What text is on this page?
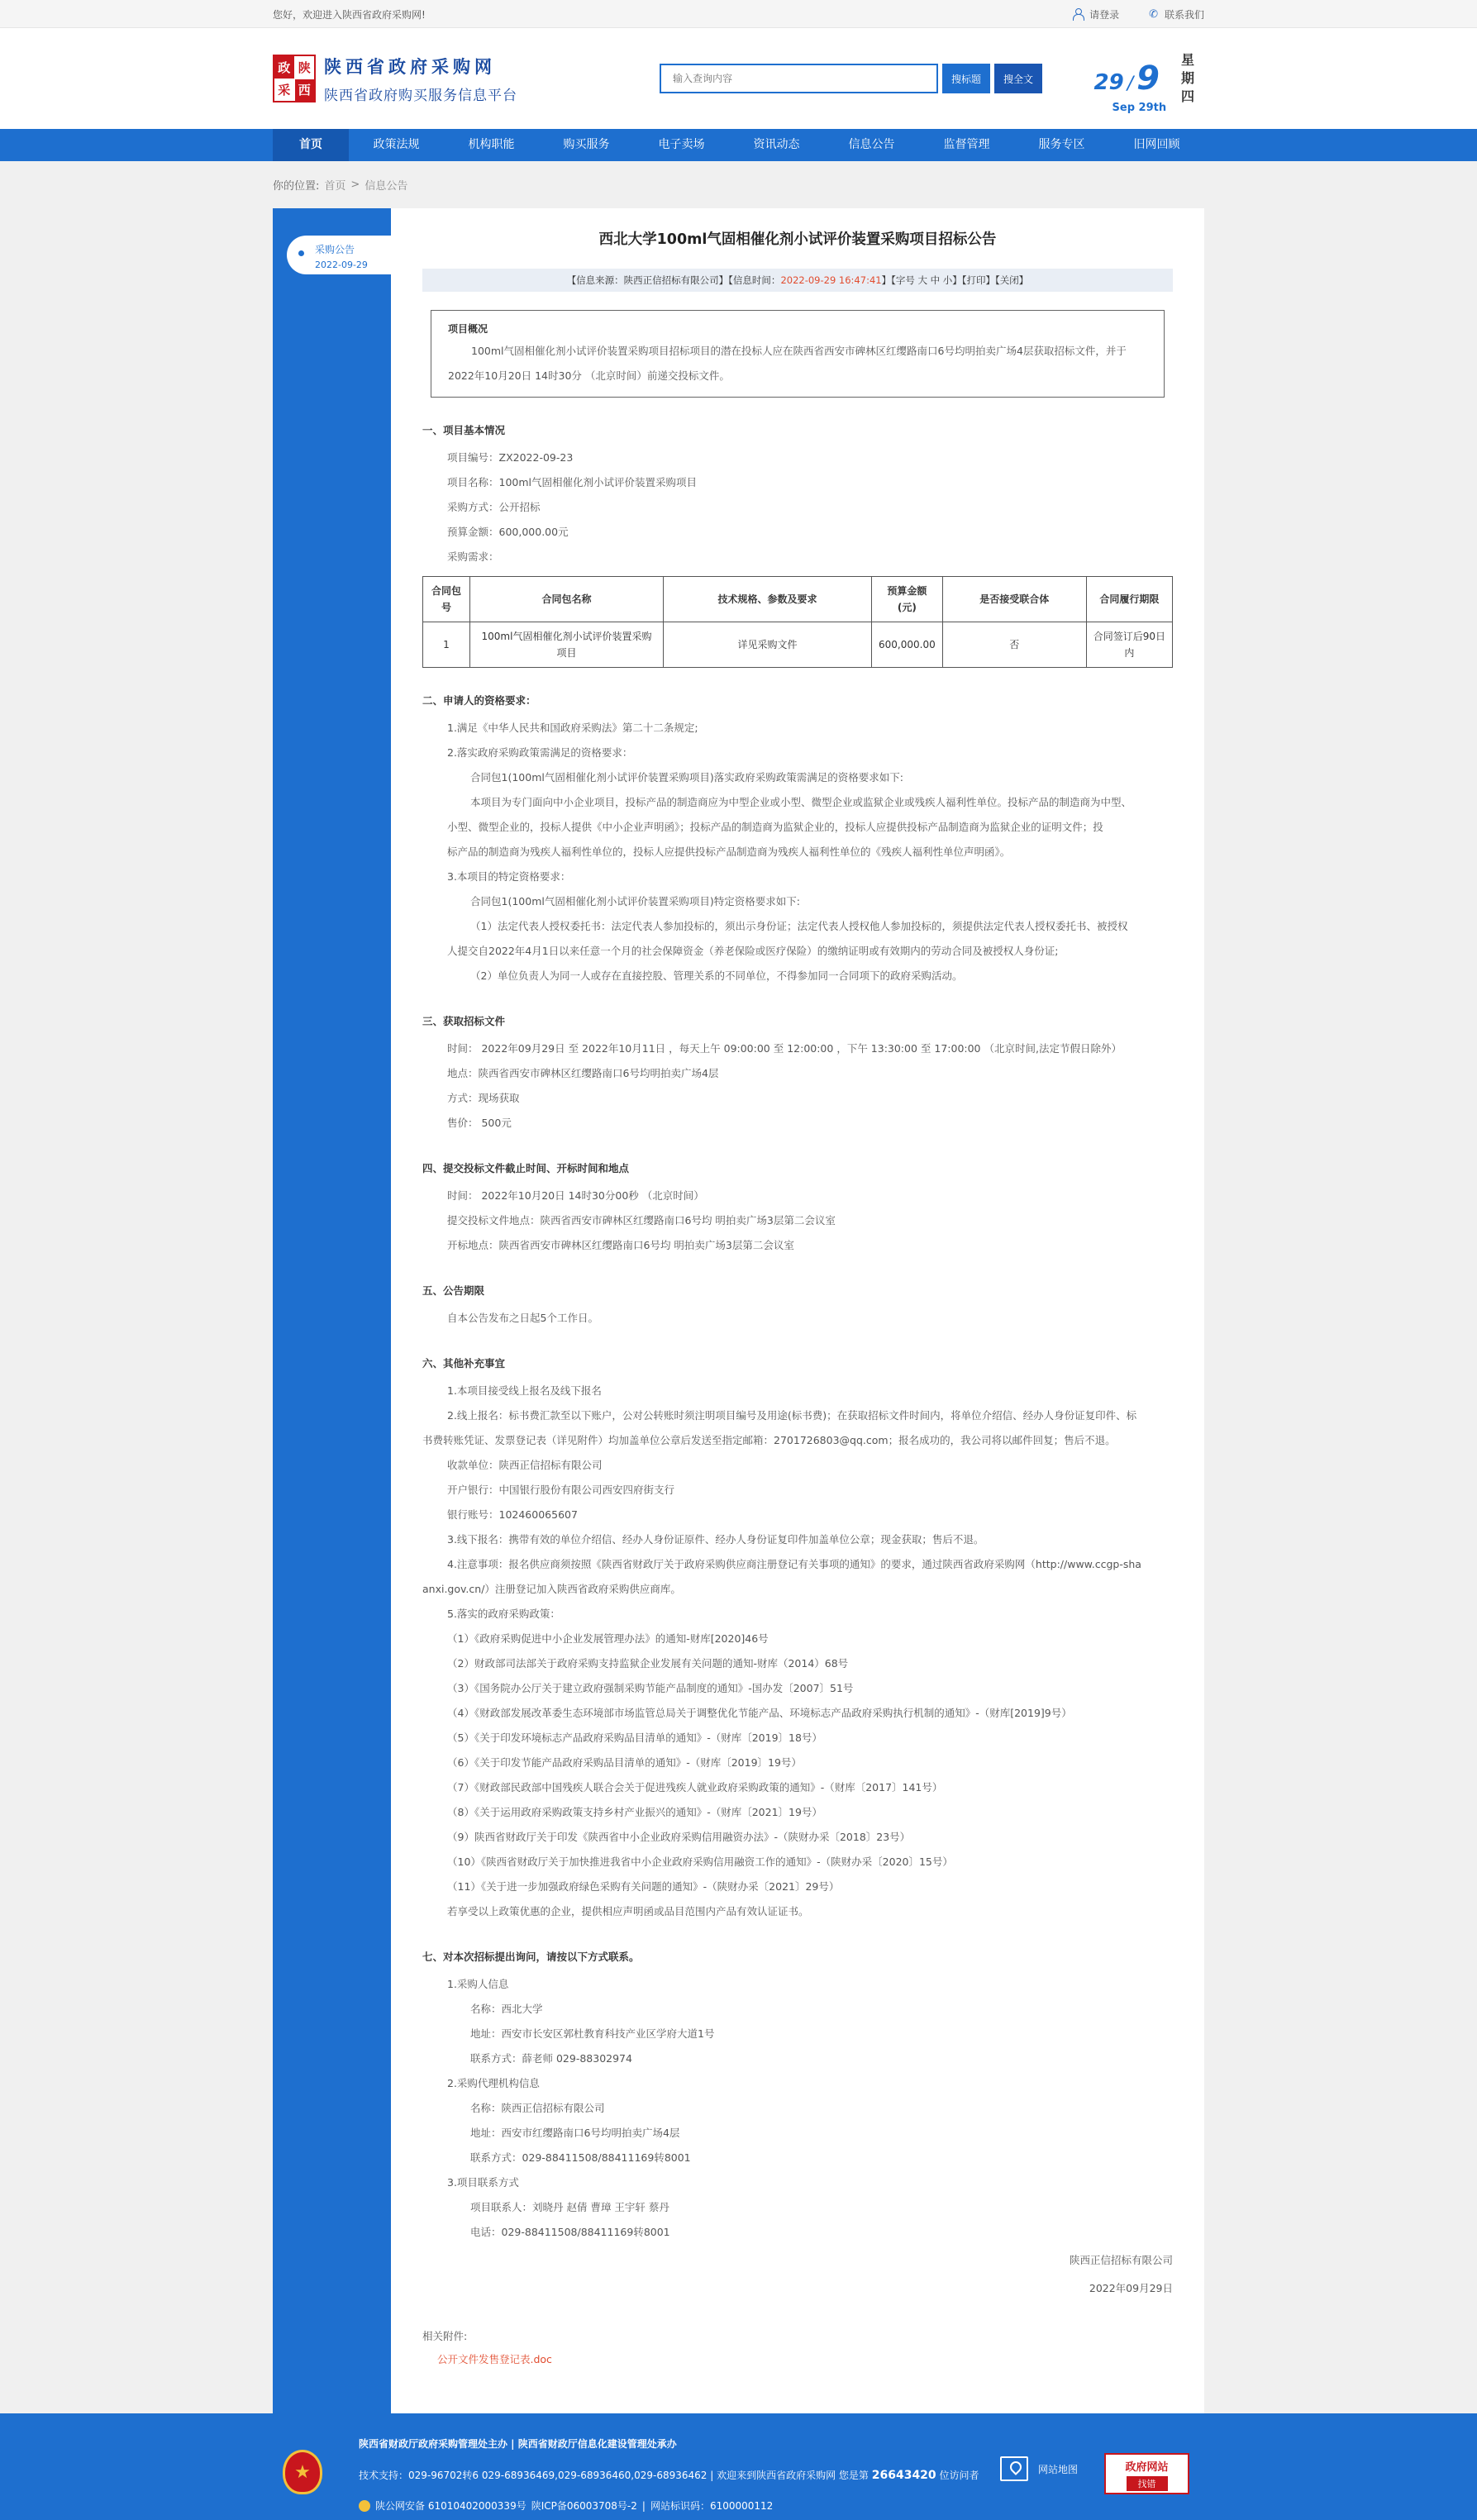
您好，欢迎进入陕西省政府采购网!	请登录	✆ 联系我们
政 陕
采 西
陕西省政府采购网
陕西省政府购买服务信息平台
输入查询内容
搜标题	搜全文	29 / 9
Sep 29th
星期四
首页	政策法规	机构职能	购买服务	电子卖场	资讯动态	信息公告	监督管理	服务专区	旧网回顾
你的位置: 首页 > 信息公告
采购公告
2022-09-29
西北大学100ml气固相催化剂小试评价装置采购项目招标公告
【信息来源：陕西正信招标有限公司】【信息时间： 2022-09-29 16:47:41 】【字号 大 中 小】【打印】【关闭】
项目概况

100ml气固相催化剂小试评价装置采购项目招标项目的潜在投标人应在陕西省西安市碑林区红缨路南口6号均明拍卖广场4层获取招标文件，并于2022年10月20日 14时30分 （北京时间）前递交投标文件。

一、项目基本情况
项目编号：ZX2022-09-23
项目名称：100ml气固相催化剂小试评价装置采购项目
采购方式：公开招标
预算金额：600,000.00元
采购需求：
合同包号	合同包名称	技术规格、参数及要求	预算金额(元)	是否接受联合体	合同履行期限
1	100ml气固相催化剂小试评价装置采购项目	详见采购文件	600,000.00	否	合同签订后90日内
二、申请人的资格要求：
1.满足《中华人民共和国政府采购法》第二十二条规定;
2.落实政府采购政策需满足的资格要求：
合同包1(100ml气固相催化剂小试评价装置采购项目)落实政府采购政策需满足的资格要求如下:
本项目为专门面向中小企业项目，投标产品的制造商应为中型企业或小型、微型企业或监狱企业或残疾人福利性单位。投标产品的制造商为中型、
小型、微型企业的，投标人提供《中小企业声明函》；投标产品的制造商为监狱企业的，投标人应提供投标产品制造商为监狱企业的证明文件；投
标产品的制造商为残疾人福利性单位的，投标人应提供投标产品制造商为残疾人福利性单位的《残疾人福利性单位声明函》。
3.本项目的特定资格要求：
合同包1(100ml气固相催化剂小试评价装置采购项目)特定资格要求如下:
（1）法定代表人授权委托书：法定代表人参加投标的，须出示身份证；法定代表人授权他人参加投标的，须提供法定代表人授权委托书、被授权
人提交自2022年4月1日以来任意一个月的社会保障资金（养老保险或医疗保险）的缴纳证明或有效期内的劳动合同及被授权人身份证;
（2）单位负责人为同一人或存在直接控股、管理关系的不同单位，不得参加同一合同项下的政府采购活动。
三、获取招标文件
时间： 2022年09月29日 至 2022年10月11日 ，每天上午 09:00:00 至 12:00:00 ，下午 13:30:00 至 17:00:00 （北京时间,法定节假日除外）
地点：陕西省西安市碑林区红缨路南口6号均明拍卖广场4层
方式：现场获取
售价： 500元
四、提交投标文件截止时间、开标时间和地点
时间： 2022年10月20日 14时30分00秒 （北京时间）
提交投标文件地点：陕西省西安市碑林区红缨路南口6号均 明拍卖广场3层第二会议室
开标地点：陕西省西安市碑林区红缨路南口6号均 明拍卖广场3层第二会议室
五、公告期限
自本公告发布之日起5个工作日。
六、其他补充事宜
1.本项目接受线上报名及线下报名
2.线上报名：标书费汇款至以下账户，公对公转账时须注明项目编号及用途(标书费)；在获取招标文件时间内，将单位介绍信、经办人身份证复印件、标
书费转账凭证、发票登记表（详见附件）均加盖单位公章后发送至指定邮箱：2701726803@qq.com；报名成功的，我公司将以邮件回复；售后不退。
收款单位：陕西正信招标有限公司
开户银行：中国银行股份有限公司西安四府街支行
银行账号：102460065607
3.线下报名：携带有效的单位介绍信、经办人身份证原件、经办人身份证复印件加盖单位公章；现金获取；售后不退。
4.注意事项：报名供应商须按照《陕西省财政厅关于政府采购供应商注册登记有关事项的通知》的要求，通过陕西省政府采购网（http://www.ccgp-sha
anxi.gov.cn/）注册登记加入陕西省政府采购供应商库。
5.落实的政府采购政策：
（1）《政府采购促进中小企业发展管理办法》的通知-财库[2020]46号
（2）财政部司法部关于政府采购支持监狱企业发展有关问题的通知-财库（2014）68号
（3）《国务院办公厅关于建立政府强制采购节能产品制度的通知》-国办发〔2007〕51号
（4）《财政部发展改革委生态环境部市场监管总局关于调整优化节能产品、环境标志产品政府采购执行机制的通知》-（财库[2019]9号）
（5）《关于印发环境标志产品政府采购品目清单的通知》-（财库〔2019〕18号）
（6）《关于印发节能产品政府采购品目清单的通知》-（财库〔2019〕19号）
（7）《财政部民政部中国残疾人联合会关于促进残疾人就业政府采购政策的通知》-（财库〔2017〕141号）
（8）《关于运用政府采购政策支持乡村产业振兴的通知》-（财库〔2021〕19号）
（9）陕西省财政厅关于印发《陕西省中小企业政府采购信用融资办法》-（陕财办采〔2018〕23号）
（10）《陕西省财政厅关于加快推进我省中小企业政府采购信用融资工作的通知》-（陕财办采〔2020〕15号）
（11）《关于进一步加强政府绿色采购有关问题的通知》-（陕财办采〔2021〕29号）
若享受以上政策优惠的企业，提供相应声明函或品目范围内产品有效认证证书。
七、对本次招标提出询问，请按以下方式联系。
1.采购人信息
名称：西北大学
地址：西安市长安区郭杜教育科技产业区学府大道1号
联系方式：薛老师 029-88302974
2.采购代理机构信息
名称：陕西正信招标有限公司
地址：西安市红缨路南口6号均明拍卖广场4层
联系方式：029-88411508/88411169转8001
3.项目联系方式
项目联系人：刘晓丹 赵倩 曹璋 王宇轩 蔡丹
电话：029-88411508/88411169转8001
陕西正信招标有限公司
2022年09月29日
相关附件:
公开文件发售登记表.doc
★
陕西省财政厅政府采购管理处主办 | 陕西省财政厅信息化建设管理处承办
技术支持：029-96702转6 029-68936469,029-68936460,029-68936462 | 欢迎来到陕西省政府采购网 您是第 26643420 位访问者
陕公网安备 61010402000339号 陕ICP备06003708号-2 | 网站标识码：6100000112
网站地图	政府网站
找错
